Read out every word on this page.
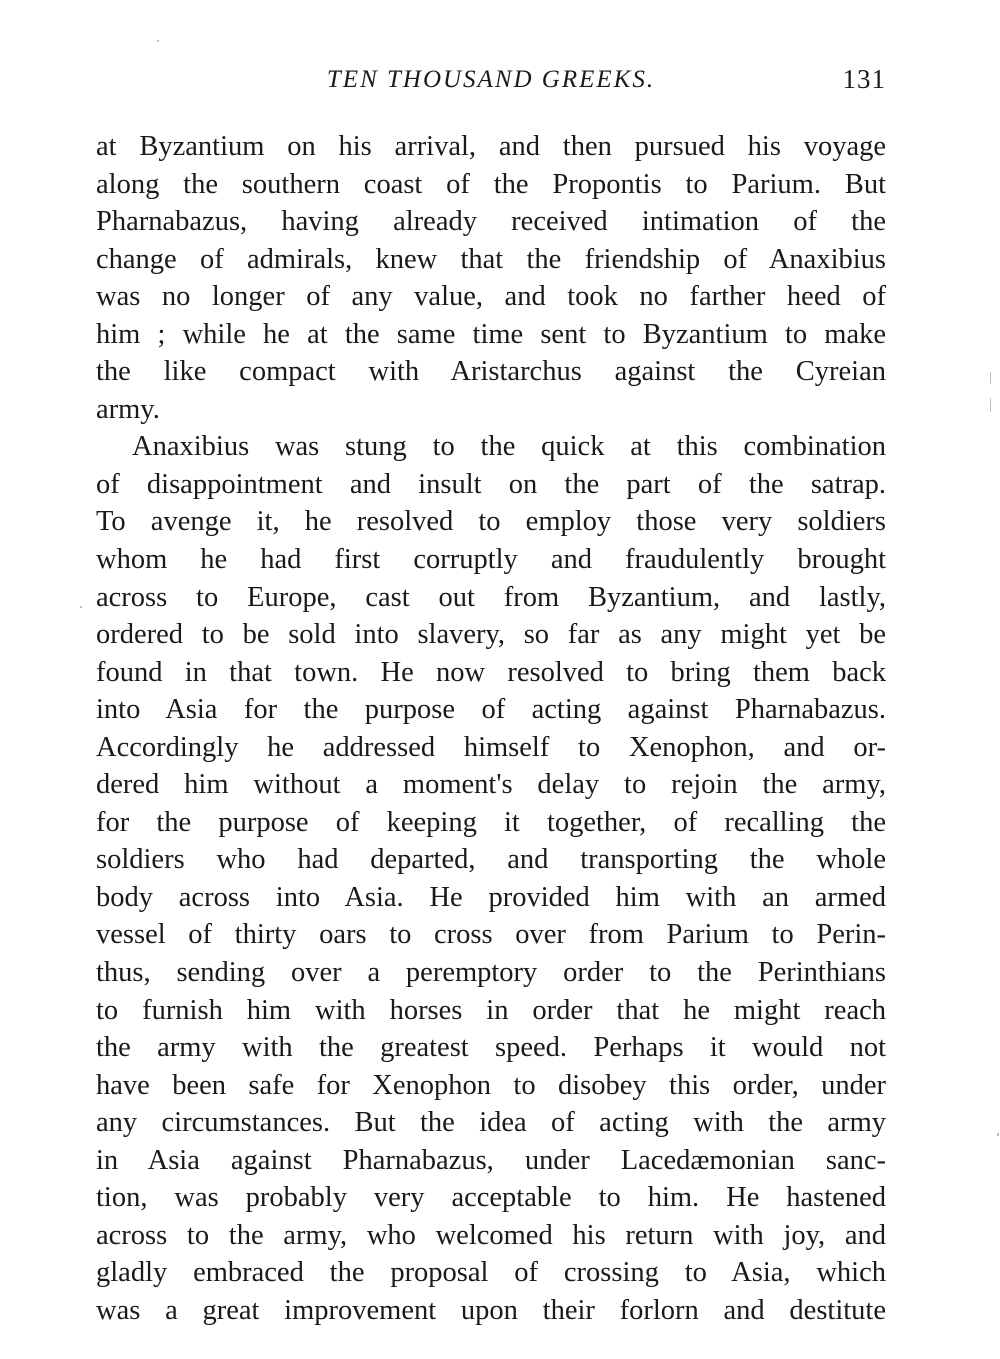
TEN THOUSAND GREEKS.	131
at Byzantium on his arrival, and then pursued his voyage
along the southern coast of the Propontis to Parium. But
Pharnabazus, having already received intimation of the
change of admirals, knew that the friendship of Anaxibius
was no longer of any value, and took no farther heed of
him ; while he at the same time sent to Byzantium to make
the like compact with Aristarchus against the Cyreian
army.
Anaxibius was stung to the quick at this combination
of disappointment and insult on the part of the satrap.
To avenge it, he resolved to employ those very soldiers
whom he had first corruptly and fraudulently brought
across to Europe, cast out from Byzantium, and lastly,
ordered to be sold into slavery, so far as any might yet be
found in that town. He now resolved to bring them back
into Asia for the purpose of acting against Pharnabazus.
Accordingly he addressed himself to Xenophon, and or-
dered him without a moment's delay to rejoin the army,
for the purpose of keeping it together, of recalling the
soldiers who had departed, and transporting the whole
body across into Asia. He provided him with an armed
vessel of thirty oars to cross over from Parium to Perin-
thus, sending over a peremptory order to the Perinthians
to furnish him with horses in order that he might reach
the army with the greatest speed. Perhaps it would not
have been safe for Xenophon to disobey this order, under
any circumstances. But the idea of acting with the army
in Asia against Pharnabazus, under Lacedæmonian sanc-
tion, was probably very acceptable to him. He hastened
across to the army, who welcomed his return with joy, and
gladly embraced the proposal of crossing to Asia, which
was a great improvement upon their forlorn and destitute
